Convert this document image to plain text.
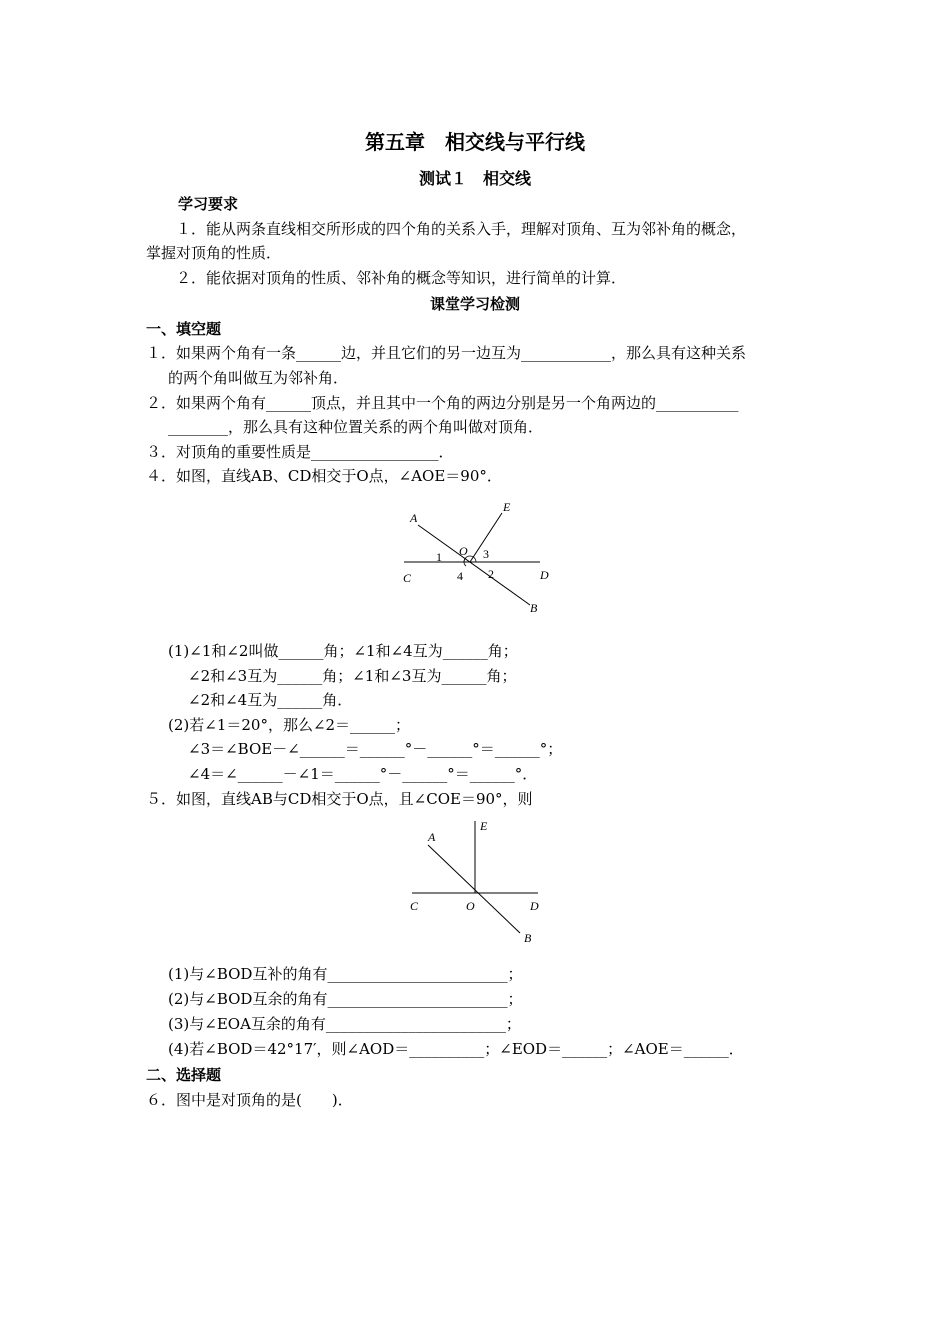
第五章　相交线与平行线
测试１　相交线
学习要求
１．能从两条直线相交所形成的四个角的关系入手，理解对顶角、互为邻补角的概念，
掌握对顶角的性质．
２．能依据对顶角的性质、邻补角的概念等知识，进行简单的计算．
课堂学习检测
一、填空题
１．如果两个角有一条______边，并且它们的另一边互为____________，那么具有这种关系
的两个角叫做互为邻补角．
２．如果两个角有______顶点，并且其中一个角的两边分别是另一个角两边的___________
________，那么具有这种位置关系的两个角叫做对顶角．
３．对顶角的重要性质是_________________．
４．如图，直线AB、CD相交于O点，∠AOE＝90°．
A
E
O
C	D
B
1
2
3
4
(1)∠1和∠2叫做______角；∠1和∠4互为______角；
∠2和∠3互为______角；∠1和∠3互为______角；
∠2和∠4互为______角．
(2)若∠1＝20°，那么∠2＝______；
∠3＝∠BOE－∠______＝______°－______°＝______°；
∠4＝∠______－∠1＝______°－______°＝______°．
５．如图，直线AB与CD相交于O点，且∠COE＝90°，则
A
E
C	O	D
B
(1)与∠BOD互补的角有________________________；
(2)与∠BOD互余的角有________________________；
(3)与∠EOA互余的角有________________________；
(4)若∠BOD＝42°17′，则∠AOD＝__________；∠EOD＝______；∠AOE＝______．
二、选择题
６．图中是对顶角的是(　　)．
